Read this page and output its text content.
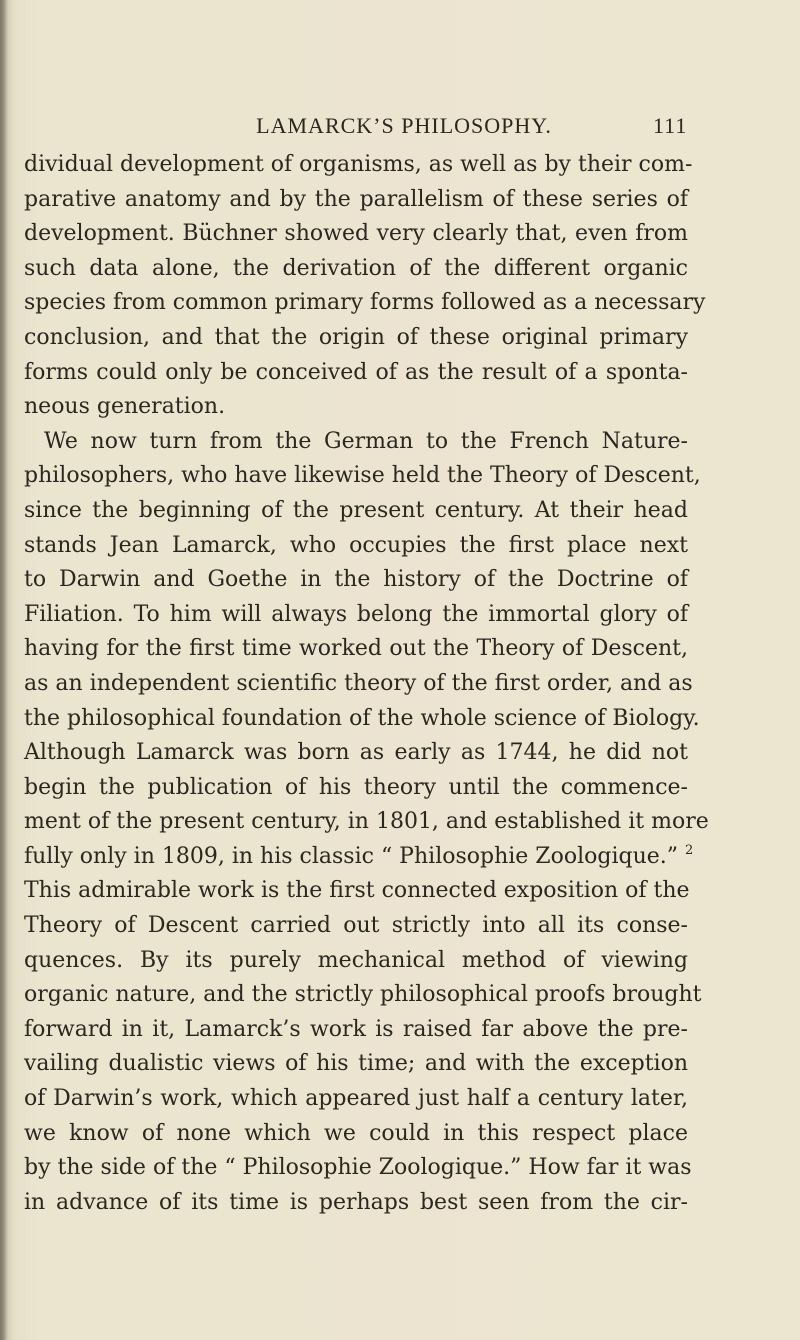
LAMARCK’S PHILOSOPHY.	111
dividual development of organisms, as well as by their com-
parative anatomy and by the parallelism of these series of
development. Büchner showed very clearly that, even from
such data alone, the derivation of the different organic
species from common primary forms followed as a necessary
conclusion, and that the origin of these original primary
forms could only be conceived of as the result of a sponta-
neous generation.
We now turn from the German to the French Nature-
philosophers, who have likewise held the Theory of Descent,
since the beginning of the present century. At their head
stands Jean Lamarck, who occupies the first place next
to Darwin and Goethe in the history of the Doctrine of
Filiation. To him will always belong the immortal glory of
having for the first time worked out the Theory of Descent,
as an independent scientific theory of the first order, and as
the philosophical foundation of the whole science of Biology.
Although Lamarck was born as early as 1744, he did not
begin the publication of his theory until the commence-
ment of the present century, in 1801, and established it more
fully only in 1809, in his classic “ Philosophie Zoologique.” $^2$
This admirable work is the first connected exposition of the
Theory of Descent carried out strictly into all its conse-
quences. By its purely mechanical method of viewing
organic nature, and the strictly philosophical proofs brought
forward in it, Lamarck’s work is raised far above the pre-
vailing dualistic views of his time; and with the exception
of Darwin’s work, which appeared just half a century later,
we know of none which we could in this respect place
by the side of the “ Philosophie Zoologique.” How far it was
in advance of its time is perhaps best seen from the cir-
